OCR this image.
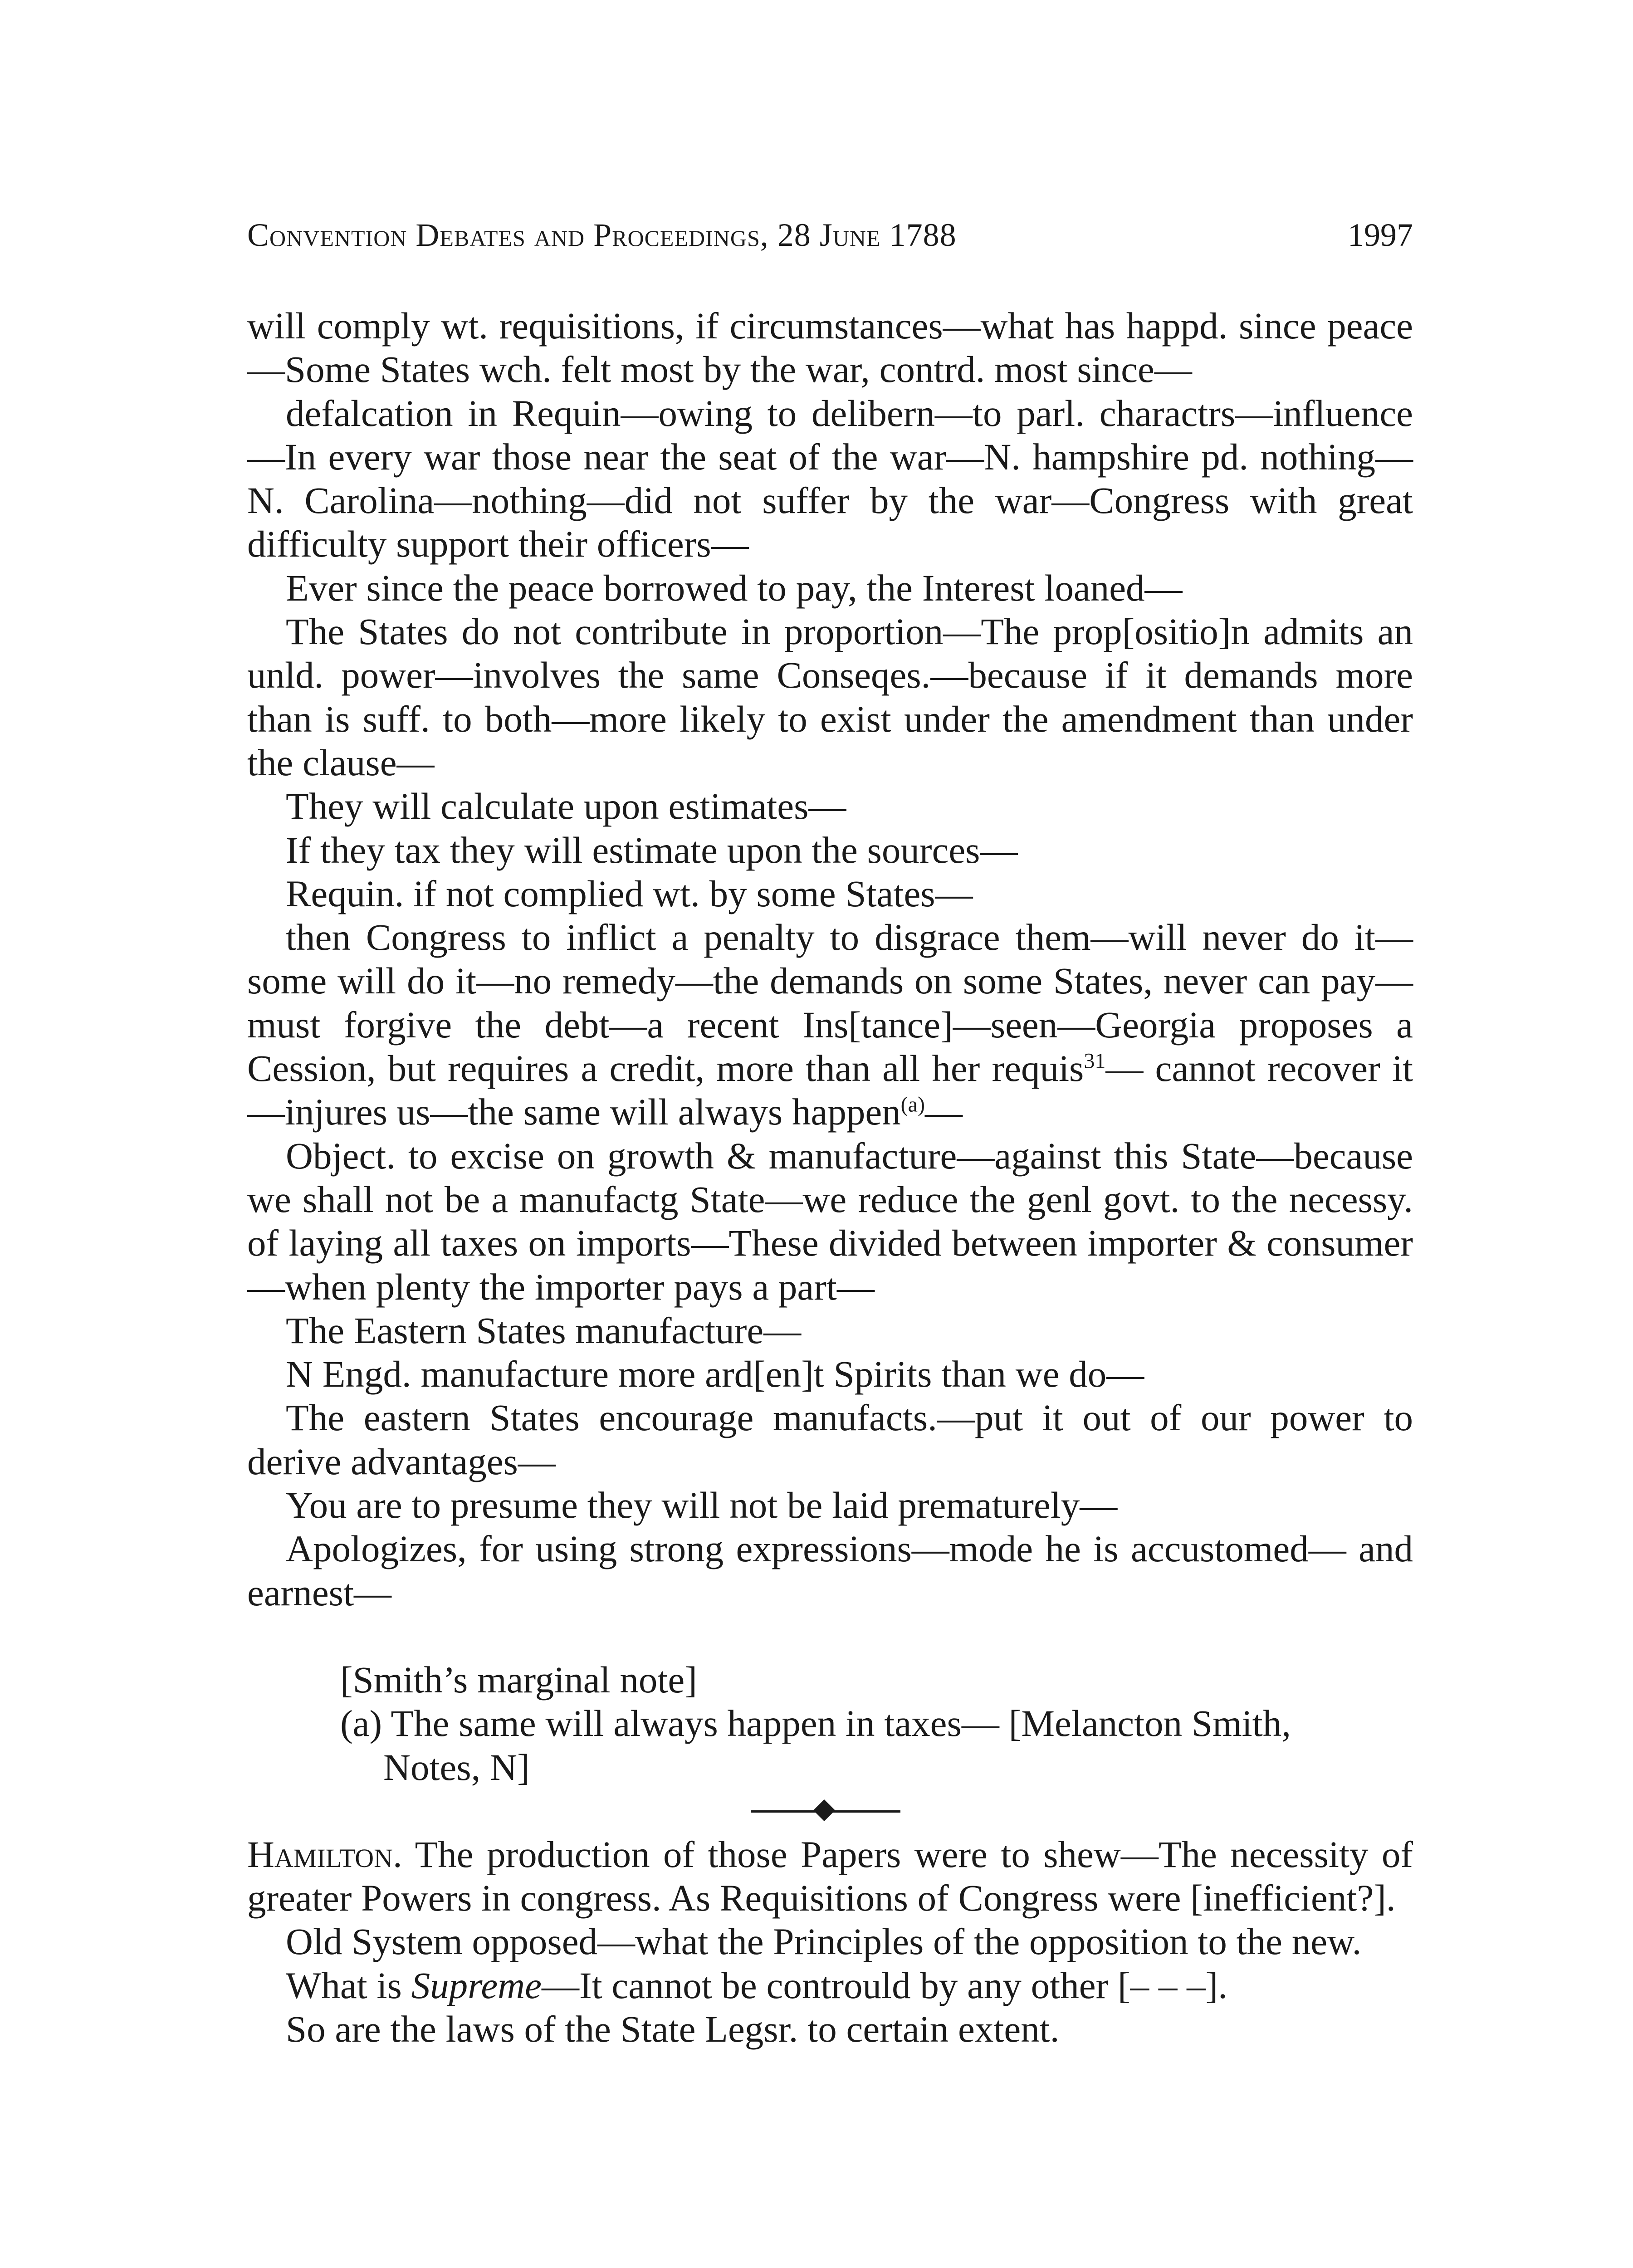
Convention Debates and Proceedings, 28 June 1788	1997

will comply wt. requisitions, if circumstances—what has happd. since peace—Some States wch. felt most by the war, contrd. most since—

defalcation in Requin—owing to delibern—to parl. charactrs—influence—In every war those near the seat of the war—N. hampshire pd. nothing—N. Carolina—nothing—did not suffer by the war—Congress with great difficulty support their officers—

Ever since the peace borrowed to pay, the Interest loaned—

The States do not contribute in proportion—The prop[ositio]n admits an unld. power—involves the same Conseqes.—because if it demands more than is suff. to both—more likely to exist under the amendment than under the clause—

They will calculate upon estimates—

If they tax they will estimate upon the sources—

Requin. if not complied wt. by some States—

then Congress to inflict a penalty to disgrace them—will never do it—some will do it—no remedy—the demands on some States, never can pay—must forgive the debt—a recent Ins[tance]—seen—Georgia proposes a Cession, but requires a credit, more than all her requis$^{31}$— cannot recover it—injures us—the same will always happen$^{(a)}$—

Object. to excise on growth & manufacture—against this State—because we shall not be a manufactg State—we reduce the genl govt. to the necessy. of laying all taxes on imports—These divided between importer & consumer—when plenty the importer pays a part—

The Eastern States manufacture—

N Engd. manufacture more ard[en]t Spirits than we do—

The eastern States encourage manufacts.—put it out of our power to derive advantages—

You are to presume they will not be laid prematurely—

Apologizes, for using strong expressions—mode he is accustomed— and earnest—

[Smith’s marginal note]

(a) The same will always happen in taxes— [Melancton Smith, Notes, N]

Hamilton. The production of those Papers were to shew—The necessity of greater Powers in congress. As Requisitions of Congress were [inefficient?].

Old System opposed—what the Principles of the opposition to the new.

What is Supreme—It cannot be contrould by any other [– – –].

So are the laws of the State Legsr. to certain extent.
